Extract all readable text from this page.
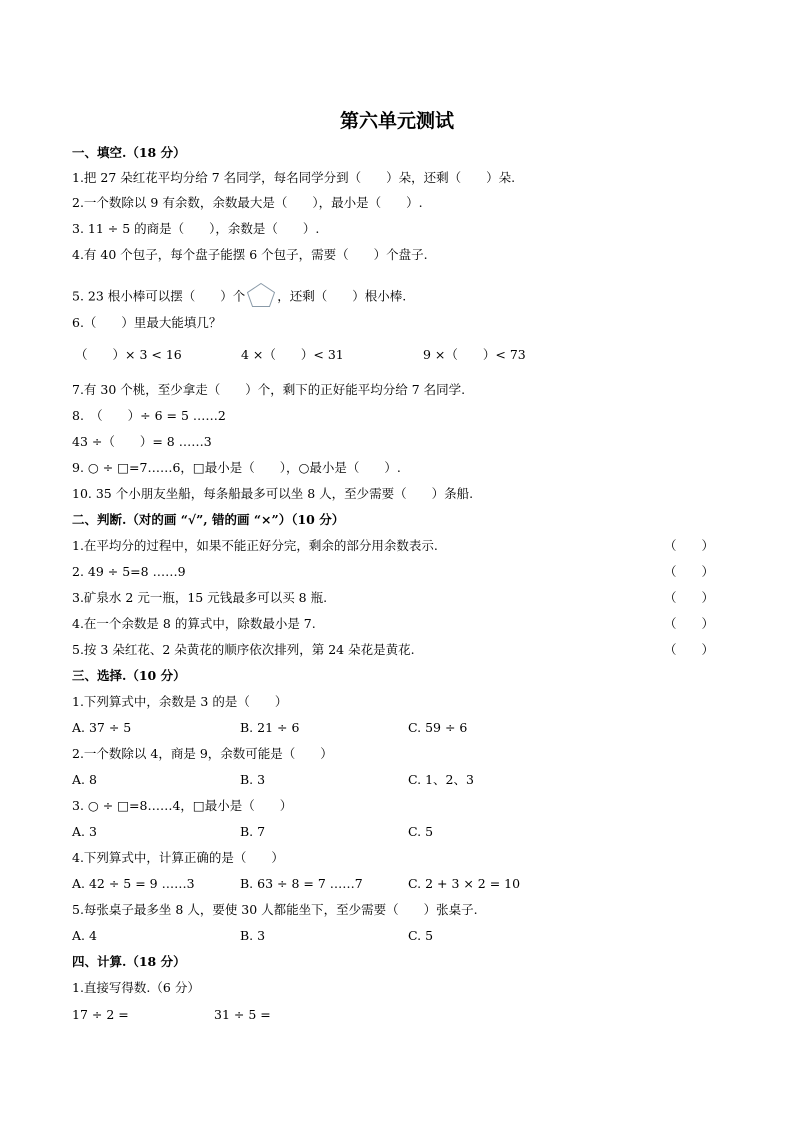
第六单元测试
一、填空.（18 分）
1.把 27 朵红花平均分给 7 名同学，每名同学分到（　　）朵，还剩（　　）朵.
2.一个数除以 9 有余数，余数最大是（　　），最小是（　　）.
3. 11 ÷ 5 的商是（　　），余数是（　　）.
4.有 40 个包子，每个盘子能摆 6 个包子，需要（　　）个盘子.
5. 23 根小棒可以摆（　　）个	，还剩（　　）根小棒.
6.（　　）里最大能填几？
（　　）× 3 < 16	4 ×（　　）< 31	9 ×（　　）< 73
7.有 30 个桃，至少拿走（　　）个，剩下的正好能平均分给 7 名同学.
8.　（　　）÷ 6 = 5 ……2
43 ÷（　　）= 8 ……3
9. ○ ÷ □=7……6，□最小是（　　），○最小是（　　）.
10. 35 个小朋友坐船，每条船最多可以坐 8 人，至少需要（　　）条船.
二、判断.（对的画 “√”, 错的画 “×”）（10 分）
1.在平均分的过程中，如果不能正好分完，剩余的部分用余数表示.	（　　）
2. 49 ÷ 5=8 ……9	（　　）
3.矿泉水 2 元一瓶，15 元钱最多可以买 8 瓶.	（　　）
4.在一个余数是 8 的算式中，除数最小是 7.	（　　）
5.按 3 朵红花、2 朵黄花的顺序依次排列，第 24 朵花是黄花.	（　　）
三、选择.（10 分）
1.下列算式中，余数是 3 的是（　　）
A. 37 ÷ 5	B. 21 ÷ 6	C. 59 ÷ 6
2.一个数除以 4，商是 9，余数可能是（　　）
A. 8	B. 3	C. 1、2、3
3. ○ ÷ □=8……4，□最小是（　　）
A. 3	B. 7	C. 5
4.下列算式中，计算正确的是（　　）
A. 42 ÷ 5 = 9 ……3	B. 63 ÷ 8 = 7 ……7	C. 2 + 3 × 2 = 10
5.每张桌子最多坐 8 人，要使 30 人都能坐下，至少需要（　　）张桌子.
A. 4	B. 3	C. 5
四、计算.（18 分）
1.直接写得数.（6 分）
17 ÷ 2 =	31 ÷ 5 =
